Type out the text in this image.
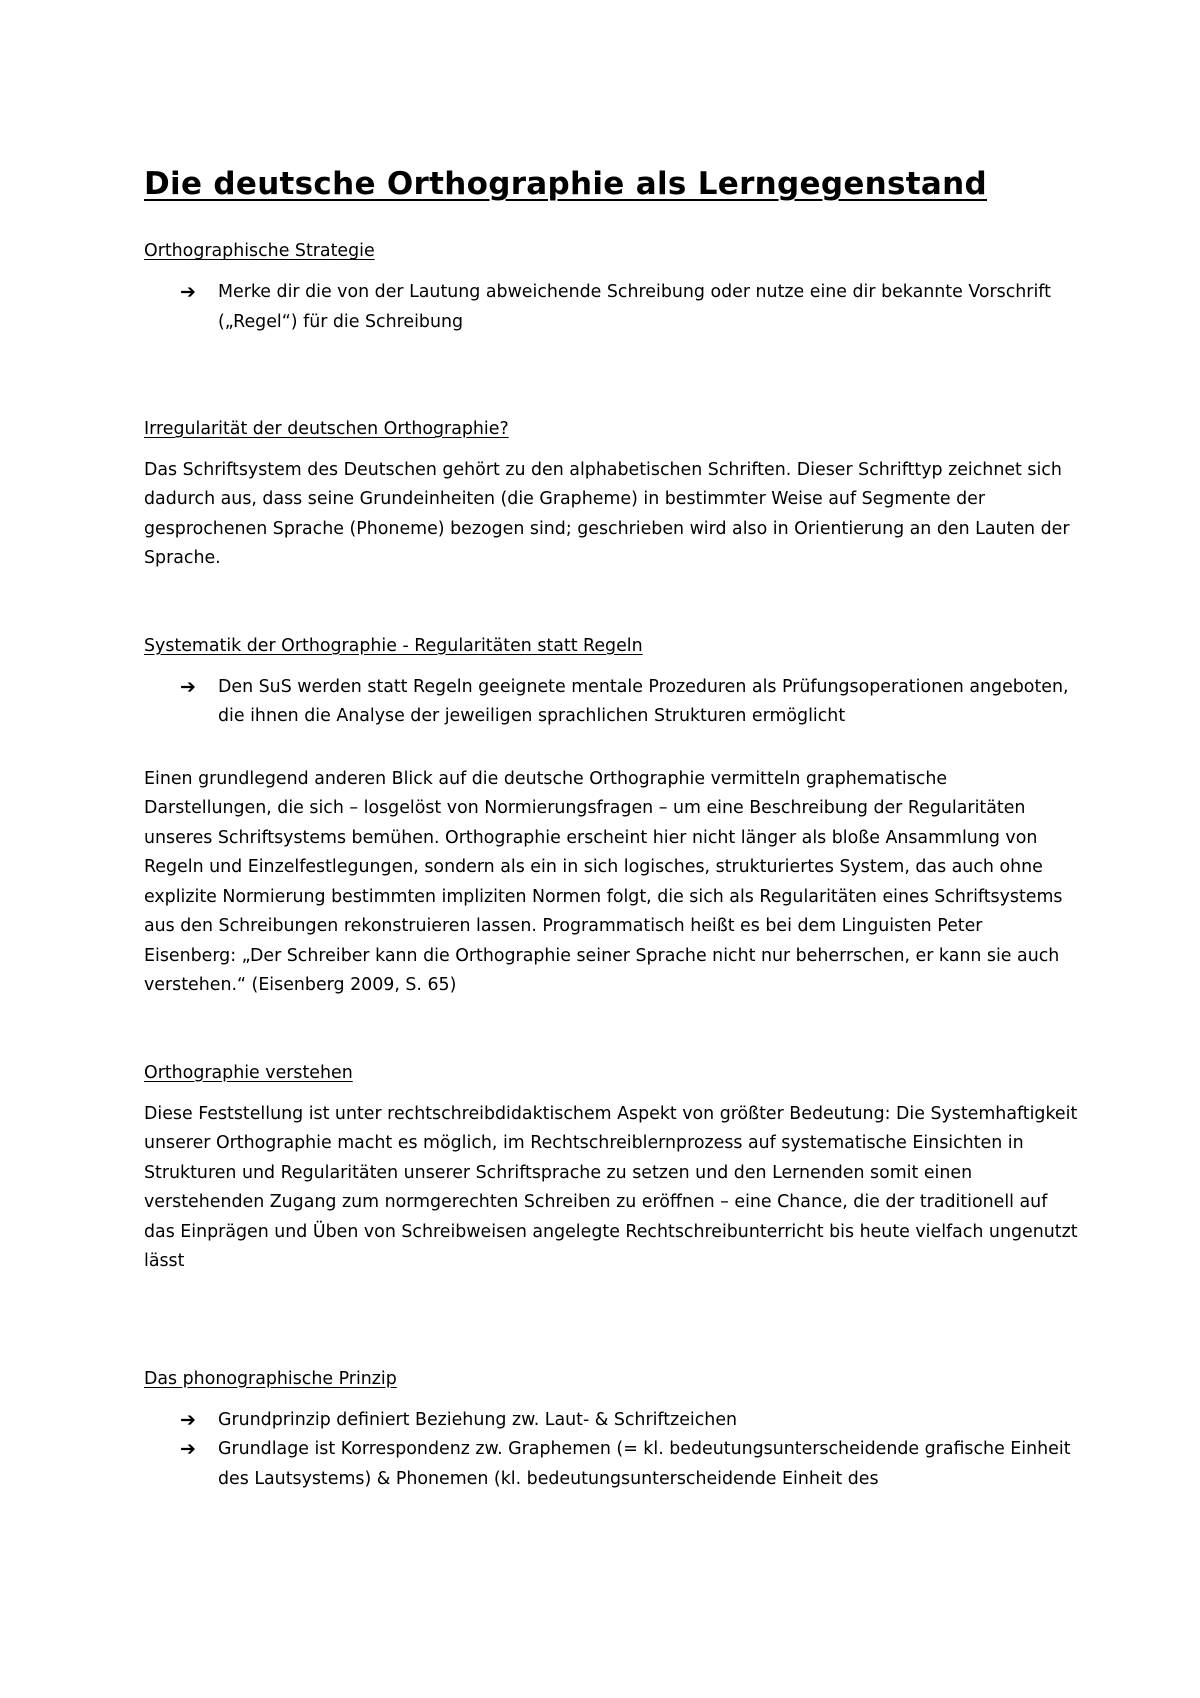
Die deutsche Orthographie als Lerngegenstand
Orthographische Strategie
➔ Merke dir die von der Lautung abweichende Schreibung oder nutze eine dir bekannte Vorschrift („Regel“) für die Schreibung
Irregularität der deutschen Orthographie?

Das Schriftsystem des Deutschen gehört zu den alphabetischen Schriften. Dieser Schrifttyp zeichnet sich dadurch aus, dass seine Grundeinheiten (die Grapheme) in bestimmter Weise auf Segmente der gesprochenen Sprache (Phoneme) bezogen sind; geschrieben wird also in Orientierung an den Lauten der Sprache.

Systematik der Orthographie - Regularitäten statt Regeln
➔ Den SuS werden statt Regeln geeignete mentale Prozeduren als Prüfungsoperationen angeboten, die ihnen die Analyse der jeweiligen sprachlichen Strukturen ermöglicht

Einen grundlegend anderen Blick auf die deutsche Orthographie vermitteln graphematische Darstellungen, die sich – losgelöst von Normierungsfragen – um eine Beschreibung der Regularitäten unseres Schriftsystems bemühen. Orthographie erscheint hier nicht länger als bloße Ansammlung von Regeln und Einzelfestlegungen, sondern als ein in sich logisches, strukturiertes System, das auch ohne explizite Normierung bestimmten impliziten Normen folgt, die sich als Regularitäten eines Schriftsystems aus den Schreibungen rekonstruieren lassen. Programmatisch heißt es bei dem Linguisten Peter Eisenberg: „Der Schreiber kann die Orthographie seiner Sprache nicht nur beherrschen, er kann sie auch verstehen.“ (Eisenberg 2009, S. 65)

Orthographie verstehen

Diese Feststellung ist unter rechtschreibdidaktischem Aspekt von größter Bedeutung: Die Systemhaftigkeit unserer Orthographie macht es möglich, im Rechtschreiblernprozess auf systematische Einsichten in Strukturen und Regularitäten unserer Schriftsprache zu setzen und den Lernenden somit einen verstehenden Zugang zum normgerechten Schreiben zu eröffnen – eine Chance, die der traditionell auf das Einprägen und Üben von Schreibweisen angelegte Rechtschreibunterricht bis heute vielfach ungenutzt lässt

Das phonographische Prinzip
➔ Grundprinzip definiert Beziehung zw. Laut- & Schriftzeichen
➔ Grundlage ist Korrespondenz zw. Graphemen (= kl. bedeutungsunterscheidende grafische Einheit des Lautsystems) & Phonemen (kl. bedeutungsunterscheidende Einheit des
